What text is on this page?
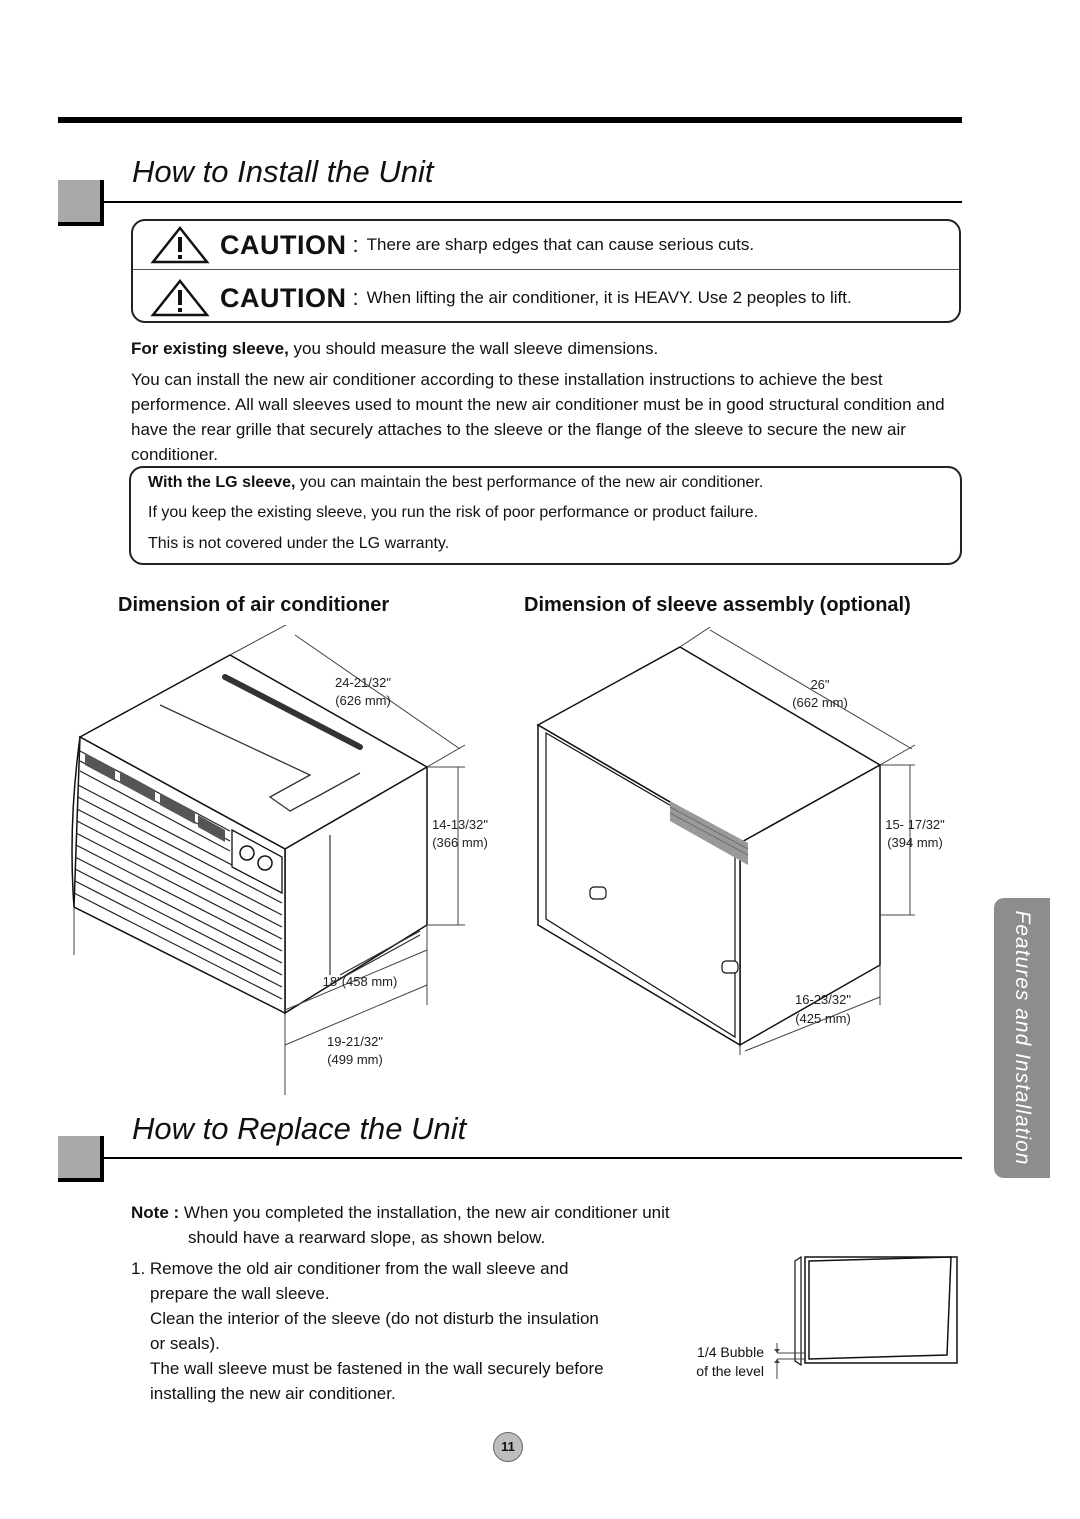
How to Install the Unit
CAUTION : There are sharp edges that can cause serious cuts.
CAUTION : When lifting the air conditioner, it is HEAVY. Use 2 peoples to lift.
For existing sleeve, you should measure the wall sleeve dimensions.
You can install the new air conditioner according to these installation instructions to achieve the best performence. All wall sleeves used to mount the new air conditioner must be in good structural condition and have the rear grille that securely attaches to the sleeve or the flange of the sleeve to secure the new air conditioner.
With the LG sleeve, you can maintain the best performance of the new air conditioner.
If you keep the existing sleeve, you run the risk of poor performance or product failure.
This is not covered under the LG warranty.
Dimension of air conditioner	Dimension of sleeve assembly (optional)
24-21/32"
(626 mm)
14-13/32"
(366 mm)
18"(458 mm)
19-21/32"
(499 mm)
26"
(662 mm)
15- 17/32"
(394 mm)
16-23/32"
(425 mm)
How to Replace the Unit
Note : When you completed the installation, the new air conditioner unit
should have a rearward slope, as shown below.
1. Remove the old air conditioner from the wall sleeve and
prepare the wall sleeve.
Clean the interior of the sleeve (do not disturb the insulation
or seals).
The wall sleeve must be fastened in the wall securely before
installing the new air conditioner.
1/4 Bubble
of the level
Features and Installation
11
